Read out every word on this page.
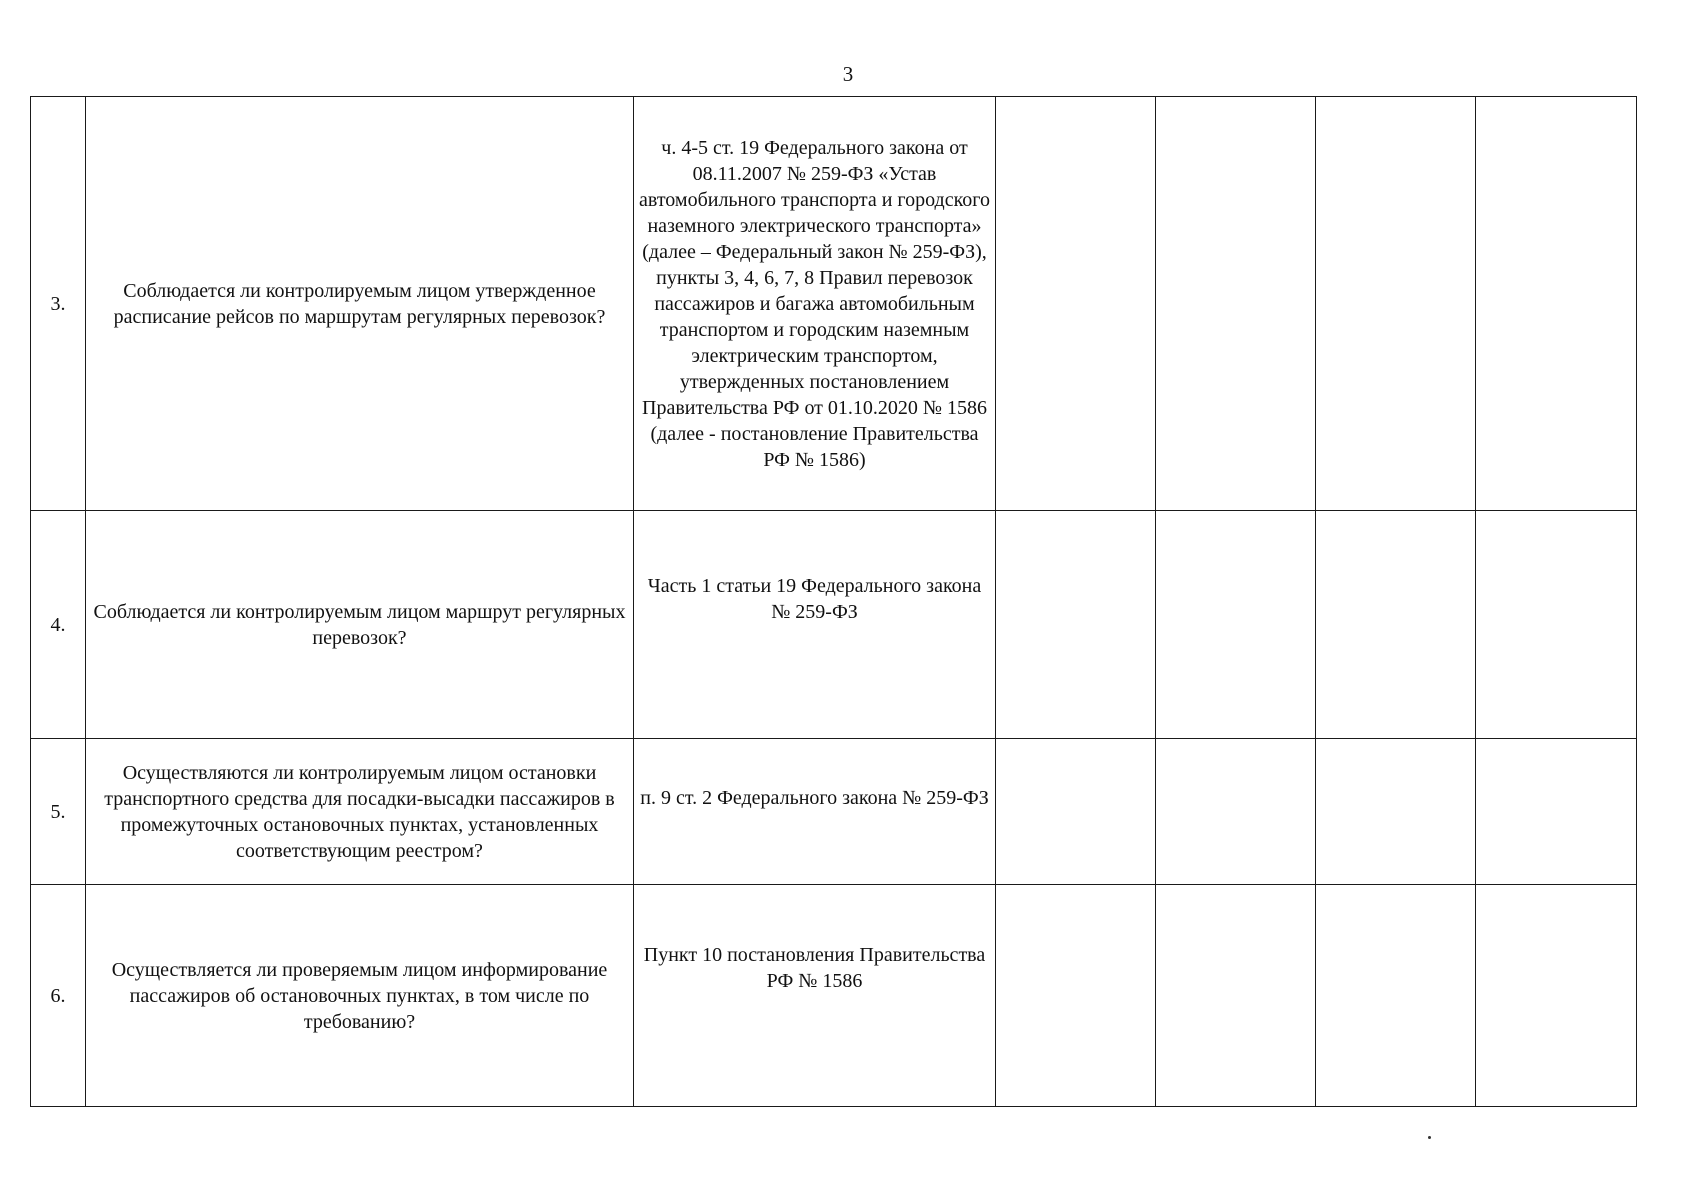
3
3.	Соблюдается ли контролируемым лицом утвержденное расписание рейсов по маршрутам регулярных перевозок?	ч. 4-5 ст. 19 Федерального закона от 08.11.2007 № 259-ФЗ «Устав автомобильного транспорта и городского наземного электрического транспорта» (далее – Федеральный закон № 259-ФЗ), пункты 3, 4, 6, 7, 8 Правил перевозок пассажиров и багажа автомобильным транспортом и городским наземным электрическим транспортом, утвержденных постановлением Правительства РФ от 01.10.2020 № 1586 (далее - постановление Правительства РФ № 1586)				
4.	Соблюдается ли контролируемым лицом маршрут регулярных перевозок?	Часть 1 статьи 19 Федерального закона № 259-ФЗ				

5.	Осуществляются ли контролируемым лицом остановки транспортного средства для посадки-высадки пассажиров в промежуточных остановочных пунктах, установленных соответствующим реестром?	п. 9 ст. 2 Федерального закона № 259-ФЗ				

6.	Осуществляется ли проверяемым лицом информирование пассажиров об остановочных пунктах, в том числе по требованию?	Пункт 10 постановления Правительства РФ № 1586				
